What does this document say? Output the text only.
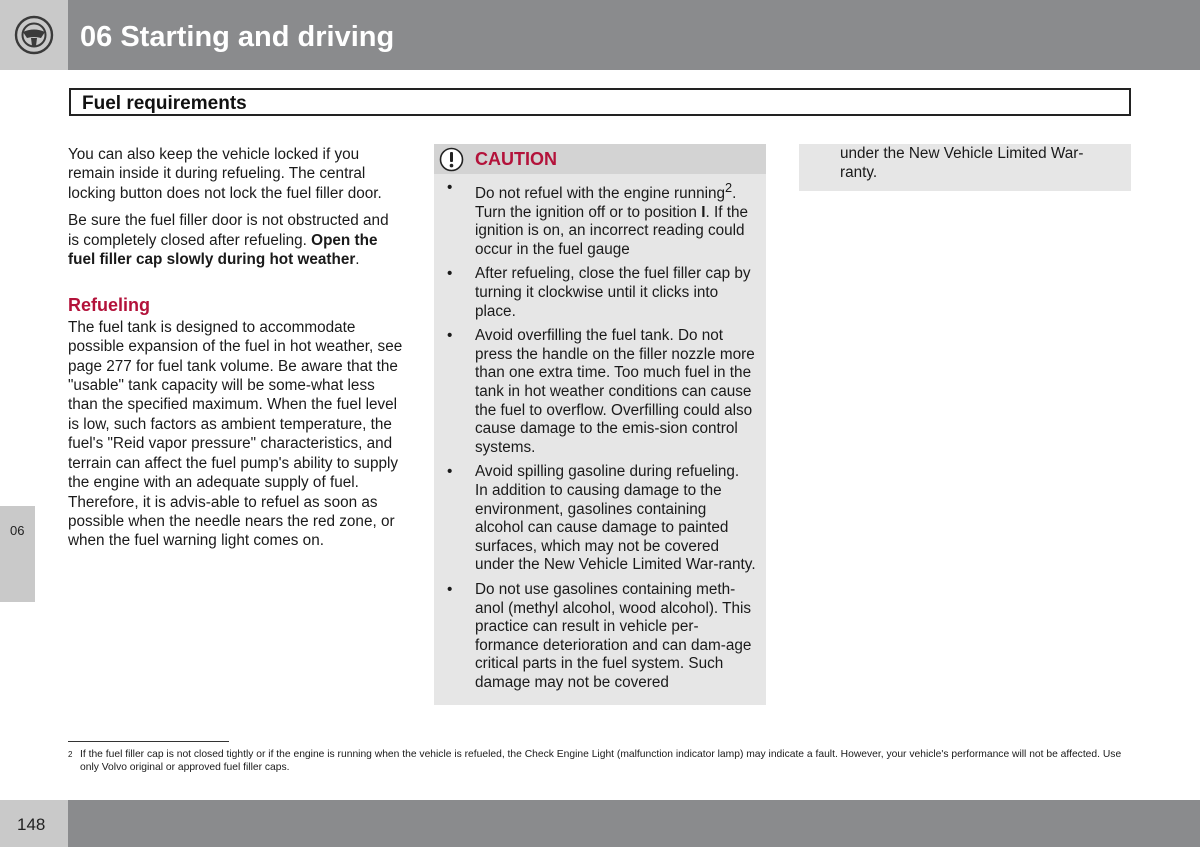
06 Starting and driving
Fuel requirements

You can also keep the vehicle locked if you remain inside it during refueling. The central locking button does not lock the fuel filler door.

Be sure the fuel filler door is not obstructed and is completely closed after refueling. Open the fuel filler cap slowly during hot weather.

Refueling

The fuel tank is designed to accommodate possible expansion of the fuel in hot weather, see page 277 for fuel tank volume. Be aware that the "usable" tank capacity will be some-what less than the specified maximum. When the fuel level is low, such factors as ambient temperature, the fuel's "Reid vapor pressure" characteristics, and terrain can affect the fuel pump's ability to supply the engine with an adequate supply of fuel. Therefore, it is advis-able to refuel as soon as possible when the needle nears the red zone, or when the fuel warning light comes on.

06
CAUTION
• Do not refuel with the engine running$^2$. Turn the ignition off or to position I. If the ignition is on, an incorrect reading could occur in the fuel gauge
• After refueling, close the fuel filler cap by turning it clockwise until it clicks into place.
• Avoid overfilling the fuel tank. Do not press the handle on the filler nozzle more than one extra time. Too much fuel in the tank in hot weather conditions can cause the fuel to overflow. Overfilling could also cause damage to the emis-sion control systems.
• Avoid spilling gasoline during refueling. In addition to causing damage to the environment, gasolines containing alcohol can cause damage to painted surfaces, which may not be covered under the New Vehicle Limited War-ranty.
• Do not use gasolines containing meth-anol (methyl alcohol, wood alcohol). This practice can result in vehicle per-formance deterioration and can dam-age critical parts in the fuel system. Such damage may not be covered

under the New Vehicle Limited War-ranty.

2 If the fuel filler cap is not closed tightly or if the engine is running when the vehicle is refueled, the Check Engine Light (malfunction indicator lamp) may indicate a fault. However, your vehicle's performance will not be affected. Use only Volvo original or approved fuel filler caps.
148
